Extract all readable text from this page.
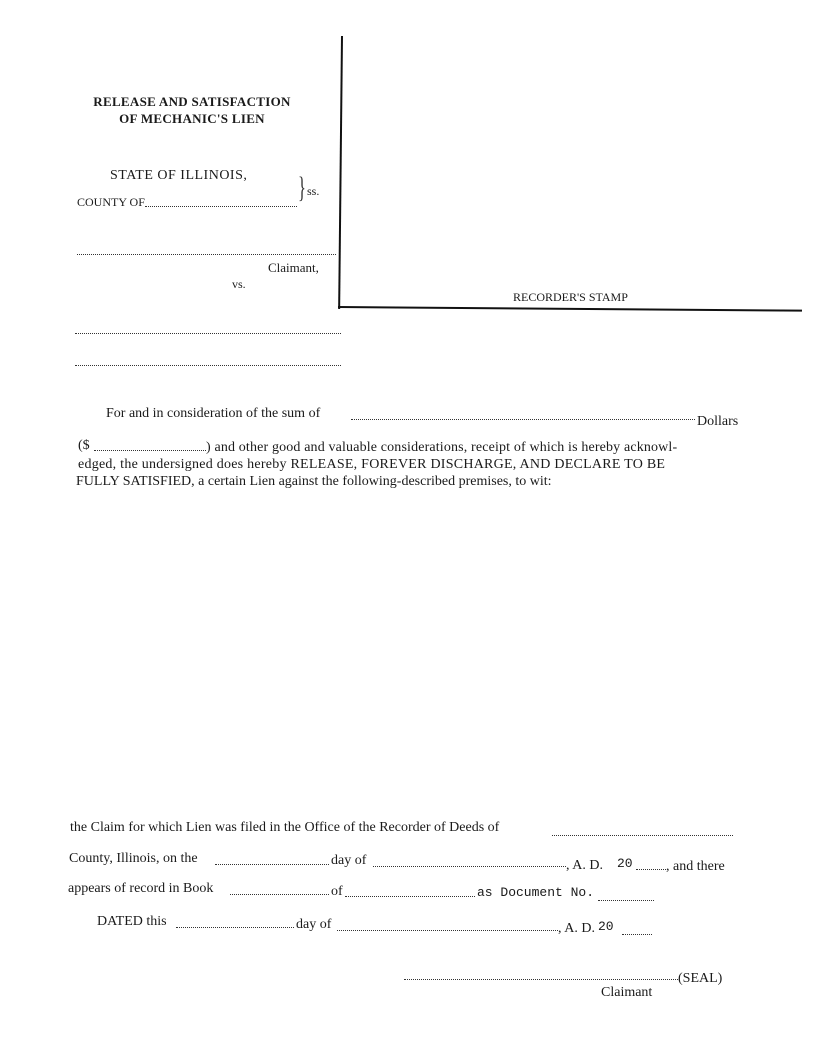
RELEASE AND SATISFACTION
OF MECHANIC'S LIEN
STATE OF ILLINOIS,
COUNTY OF	} ss.
Claimant,
vs.
RECORDER'S STAMP
For and in consideration of the sum of
Dollars
($	) and other good and valuable considerations, receipt of which is hereby acknowl-
edged, the undersigned does hereby RELEASE, FOREVER DISCHARGE, AND DECLARE TO BE
FULLY SATISFIED, a certain Lien against the following-described premises, to wit:
the Claim for which Lien was filed in the Office of the Recorder of Deeds of
County, Illinois, on the	day of	, A. D. 20 , and there
appears of record in Book	of	as Document No.
DATED this	day of	, A. D. 20
(SEAL)
Claimant
